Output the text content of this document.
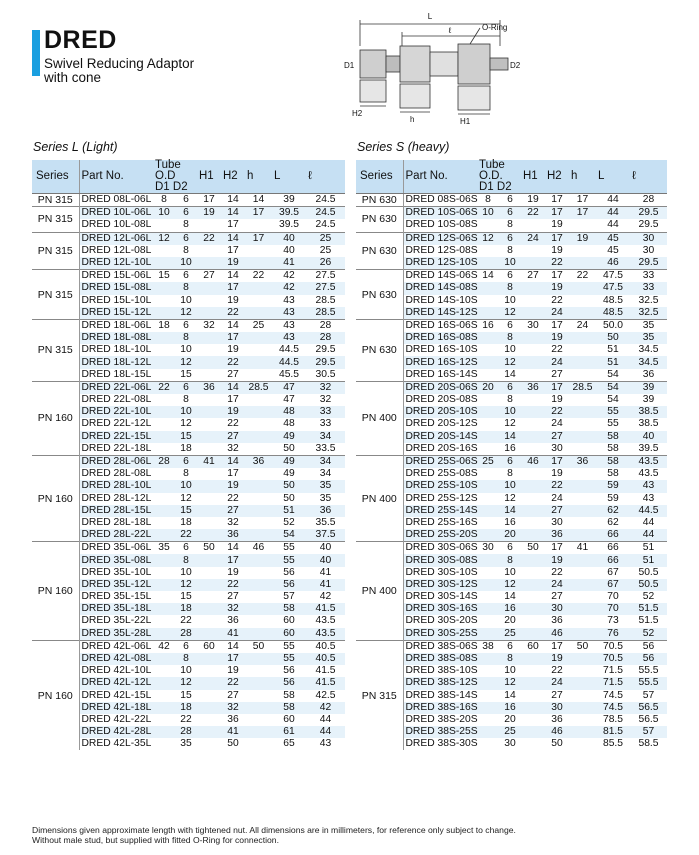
DRED
Swivel Reducing Adaptor
with cone
L
ℓ	O-Ring
D1	D2
H2
h	H1
Series L (Light)	Series S (heavy)
Series	Part No.	Tube O.D
D1 D2		H1	H2	h	L	ℓ
PN 315	DRED 08L-06L	8	6	17	14	14	39	24.5
PN 315	DRED 10L-06L	10	6	19	14	17	39.5	24.5
	DRED 10L-08L		8		17		39.5	24.5
PN 315	DRED 12L-06L	12	6	22	14	17	40	25
	DRED 12L-08L		8		17		40	25
	DRED 12L-10L		10		19		41	26
PN 315	DRED 15L-06L	15	6	27	14	22	42	27.5
	DRED 15L-08L		8		17		42	27.5
	DRED 15L-10L		10		19		43	28.5
	DRED 15L-12L		12		22		43	28.5
PN 315	DRED 18L-06L	18	6	32	14	25	43	28
	DRED 18L-08L		8		17		43	28
	DRED 18L-10L		10		19		44.5	29.5
	DRED 18L-12L		12		22		44.5	29.5
	DRED 18L-15L		15		27		45.5	30.5
PN 160	DRED 22L-06L	22	6	36	14	28.5	47	32
	DRED 22L-08L		8		17		47	32
	DRED 22L-10L		10		19		48	33
	DRED 22L-12L		12		22		48	33
	DRED 22L-15L		15		27		49	34
	DRED 22L-18L		18		32		50	33.5
PN 160	DRED 28L-06L	28	6	41	14	36	49	34
	DRED 28L-08L		8		17		49	34
	DRED 28L-10L		10		19		50	35
	DRED 28L-12L		12		22		50	35
	DRED 28L-15L		15		27		51	36
	DRED 28L-18L		18		32		52	35.5
	DRED 28L-22L		22		36		54	37.5
PN 160	DRED 35L-06L	35	6	50	14	46	55	40
	DRED 35L-08L		8		17		55	40
	DRED 35L-10L		10		19		56	41
	DRED 35L-12L		12		22		56	41
	DRED 35L-15L		15		27		57	42
	DRED 35L-18L		18		32		58	41.5
	DRED 35L-22L		22		36		60	43.5
	DRED 35L-28L		28		41		60	43.5
PN 160	DRED 42L-06L	42	6	60	14	50	55	40.5
	DRED 42L-08L		8		17		55	40.5
	DRED 42L-10L		10		19		56	41.5
	DRED 42L-12L		12		22		56	41.5
	DRED 42L-15L		15		27		58	42.5
	DRED 42L-18L		18		32		58	42
	DRED 42L-22L		22		36		60	44
	DRED 42L-28L		28		41		61	44
	DRED 42L-35L		35		50		65	43
Series	Part No.	Tube O.D.
D1 D2		H1	H2	h	L	ℓ
PN 630	DRED 08S-06S	8	6	19	17	17	44	28
PN 630	DRED 10S-06S	10	6	22	17	17	44	29.5
	DRED 10S-08S		8		19		44	29.5
PN 630	DRED 12S-06S	12	6	24	17	19	45	30
	DRED 12S-08S		8		19		45	30
	DRED 12S-10S		10		22		46	29.5
PN 630	DRED 14S-06S	14	6	27	17	22	47.5	33
	DRED 14S-08S		8		19		47.5	33
	DRED 14S-10S		10		22		48.5	32.5
	DRED 14S-12S		12		24		48.5	32.5
PN 630	DRED 16S-06S	16	6	30	17	24	50.0	35
	DRED 16S-08S		8		19		50	35
	DRED 16S-10S		10		22		51	34.5
	DRED 16S-12S		12		24		51	34.5
	DRED 16S-14S		14		27		54	36
PN 400	DRED 20S-06S	20	6	36	17	28.5	54	39
	DRED 20S-08S		8		19		54	39
	DRED 20S-10S		10		22		55	38.5
	DRED 20S-12S		12		24		55	38.5
	DRED 20S-14S		14		27		58	40
	DRED 20S-16S		16		30		58	39.5
PN 400	DRED 25S-06S	25	6	46	17	36	58	43.5
	DRED 25S-08S		8		19		58	43.5
	DRED 25S-10S		10		22		59	43
	DRED 25S-12S		12		24		59	43
	DRED 25S-14S		14		27		62	44.5
	DRED 25S-16S		16		30		62	44
	DRED 25S-20S		20		36		66	44
PN 400	DRED 30S-06S	30	6	50	17	41	66	51
	DRED 30S-08S		8		19		66	51
	DRED 30S-10S		10		22		67	50.5
	DRED 30S-12S		12		24		67	50.5
	DRED 30S-14S		14		27		70	52
	DRED 30S-16S		16		30		70	51.5
	DRED 30S-20S		20		36		73	51.5
	DRED 30S-25S		25		46		76	52
PN 315	DRED 38S-06S	38	6	60	17	50	70.5	56
	DRED 38S-08S		8		19		70.5	56
	DRED 38S-10S		10		22		71.5	55.5
	DRED 38S-12S		12		24		71.5	55.5
	DRED 38S-14S		14		27		74.5	57
	DRED 38S-16S		16		30		74.5	56.5
	DRED 38S-20S		20		36		78.5	56.5
	DRED 38S-25S		25		46		81.5	57
	DRED 38S-30S		30		50		85.5	58.5
Dimensions given approximate length with tightened nut. All dimensions are in millimeters, for reference only subject to change.
Without male stud, but supplied with fitted O-Ring for connection.
